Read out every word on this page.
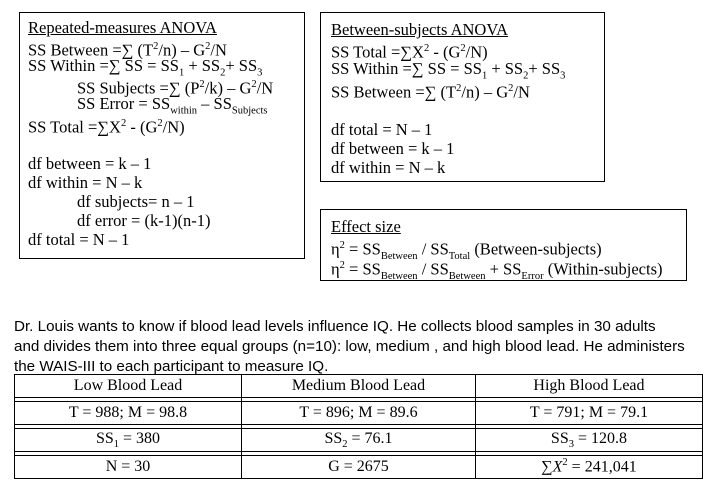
Repeated-measures ANOVA
SS Between =∑ $(T^2/n) - G^2/N$
SS Within =∑ SS = $SS_1 + SS_2+ SS_3$
SS Subjects =∑ $(P^2/k) - G^2/N$
SS Error = $SS_{within} - SS_{Subjects}$
SS Total $=\sum X^2 - (G^2/N)$
df between = k – 1
df within = N – k
df subjects= n – 1
df error = (k-1)(n-1)
df total = N – 1
Between-subjects ANOVA
SS Total $=\sum X^2 - (G^2/N)$
SS Within =∑ SS = $SS_1 + SS_2+ SS_3$
SS Between =∑ $(T^2/n) - G^2/N$
df total = N – 1
df between = k – 1
df within = N – k
Effect size
$\eta^2 = SS_{Between} / SS_{Total}$ (Between-subjects)
$\eta^2 = SS_{Between} / SS_{Between} + SS_{Error}$ (Within-subjects)
Dr. Louis wants to know if blood lead levels influence IQ. He collects blood samples in 30 adults
and divides them into three equal groups (n=10): low, medium , and high blood lead. He administers
the WAIS-III to each participant to measure IQ.
Low Blood Lead	Medium Blood Lead	High Blood Lead

T = 988; M = 98.8	T = 896; M = 89.6	T = 791; M = 79.1

$SS_1 = 380$	$SS_2 = 76.1$	$SS_3 = 120.8$

N = 30	G = 2675	$\sum X^2 = 241,041$
